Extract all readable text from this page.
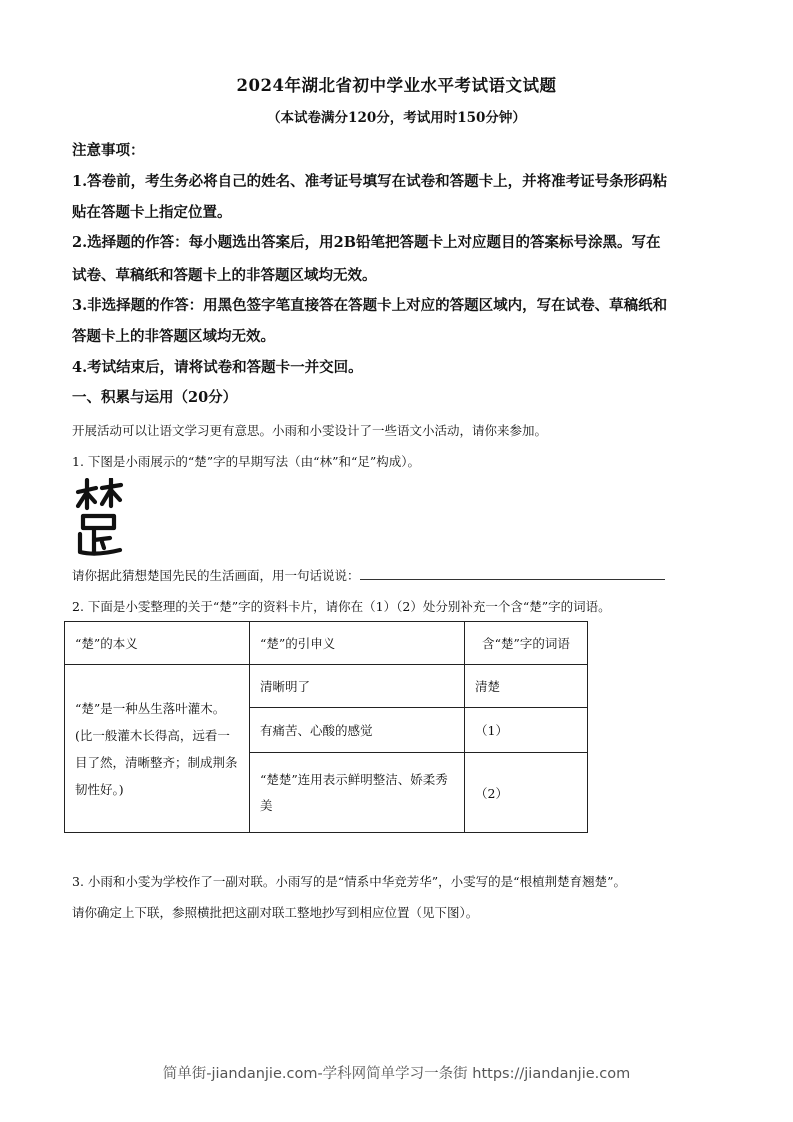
2024年湖北省初中学业水平考试语文试题
（本试卷满分120分，考试用时150分钟）
注意事项：
1.答卷前，考生务必将自己的姓名、准考证号填写在试卷和答题卡上，并将准考证号条形码粘
贴在答题卡上指定位置。
2.选择题的作答：每小题选出答案后，用2B铅笔把答题卡上对应题目的答案标号涂黑。写在
试卷、草稿纸和答题卡上的非答题区域均无效。
3.非选择题的作答：用黑色签字笔直接答在答题卡上对应的答题区域内，写在试卷、草稿纸和
答题卡上的非答题区域均无效。
4.考试结束后，请将试卷和答题卡一并交回。
一、积累与运用（20分）
开展活动可以让语文学习更有意思。小雨和小雯设计了一些语文小活动，请你来参加。
1. 下图是小雨展示的“楚”字的早期写法（由“林”和“足”构成）。
请你据此猜想楚国先民的生活画面，用一句话说说：
2. 下面是小雯整理的关于“楚”字的资料卡片，请你在（1）（2）处分别补充一个含“楚”字的词语。
“楚”的本义	“楚”的引申义	含“楚”字的词语
“楚”是一种丛生落叶灌木。(比一般灌木长得高，远看一目了然，清晰整齐；制成荆条韧性好。)	清晰明了	清楚
	有痛苦、心酸的感觉	（1）
	“楚楚”连用表示鲜明整洁、娇柔秀美	（2）
3. 小雨和小雯为学校作了一副对联。小雨写的是“情系中华竞芳华”，小雯写的是“根植荆楚育翘楚”。
请你确定上下联，参照横批把这副对联工整地抄写到相应位置（见下图）。
简单街-jiandanjie.com-学科网简单学习一条街 https://jiandanjie.com
